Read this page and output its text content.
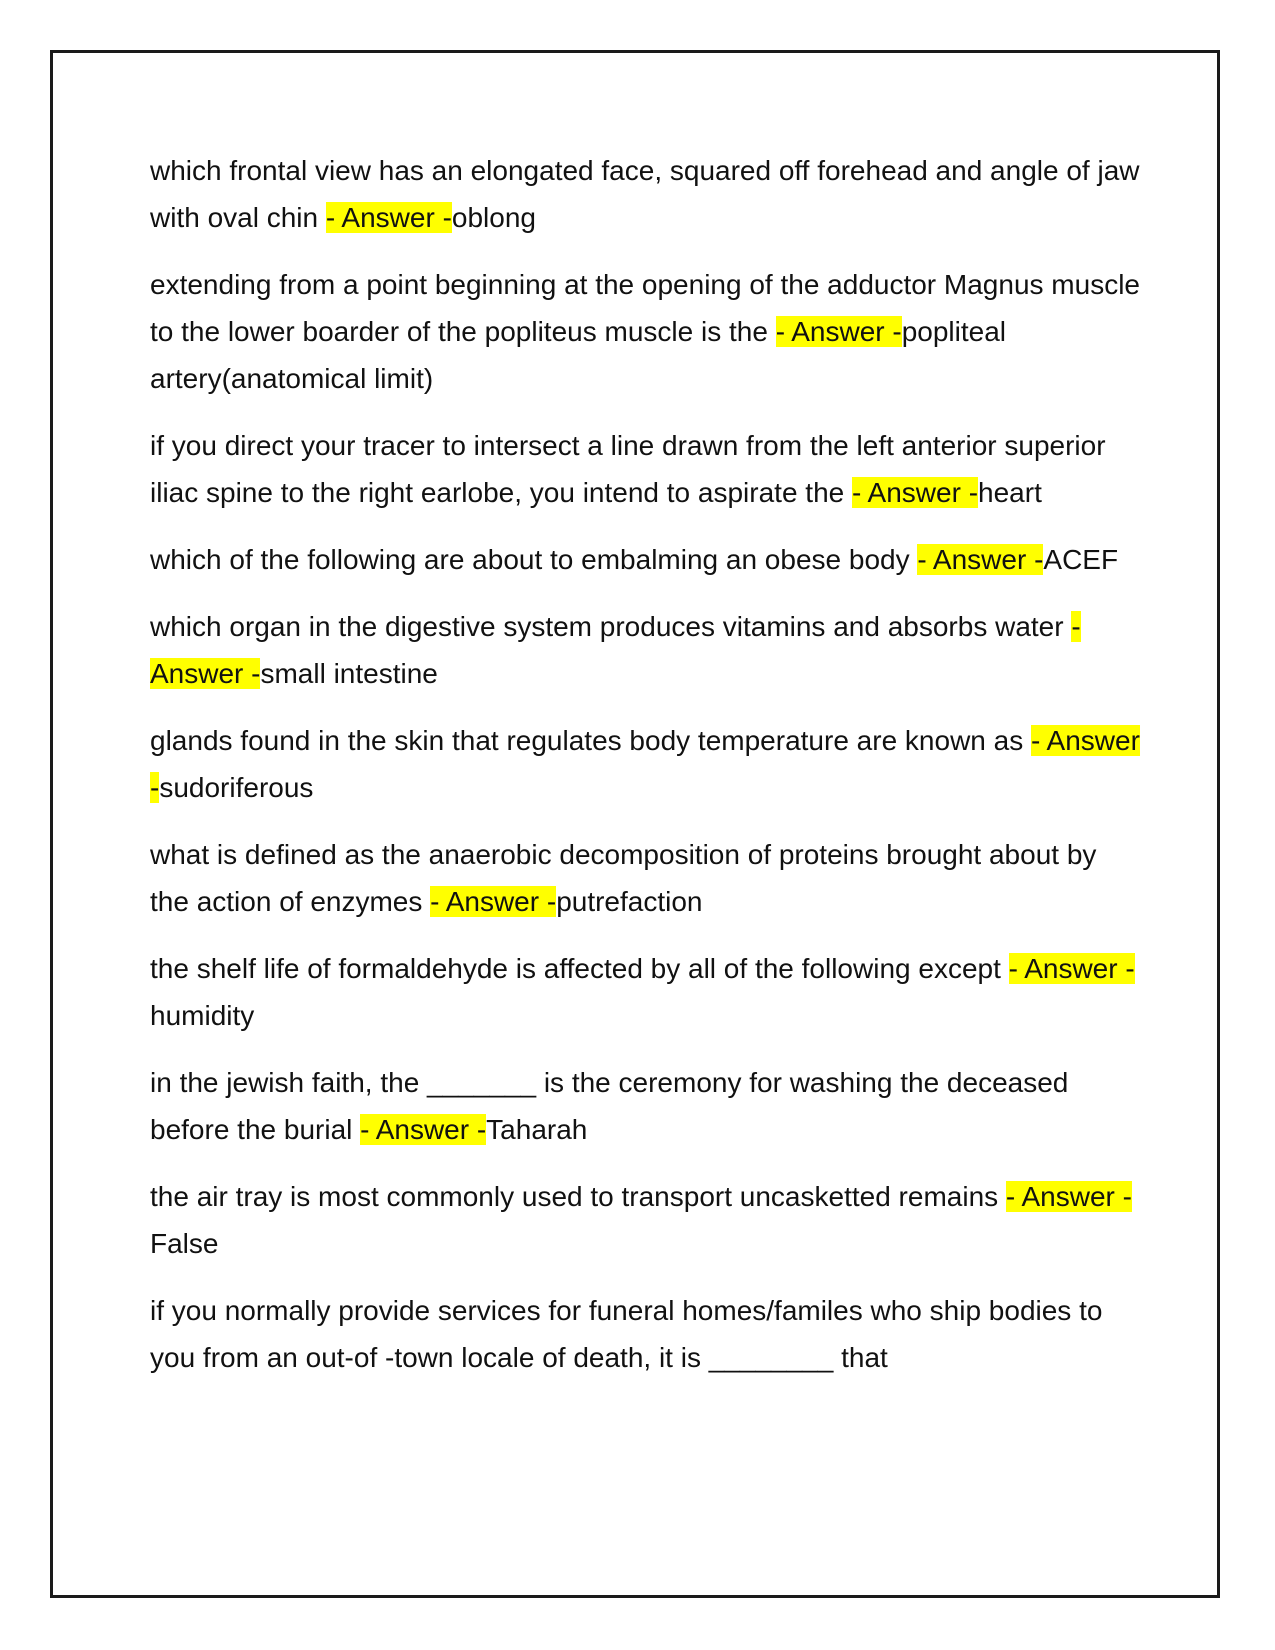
which frontal view has an elongated face, squared off forehead and angle of jaw with oval chin - Answer -oblong

extending from a point beginning at the opening of the adductor Magnus muscle to the lower boarder of the popliteus muscle is the - Answer -popliteal artery(anatomical limit)

if you direct your tracer to intersect a line drawn from the left anterior superior iliac spine to the right earlobe, you intend to aspirate the - Answer -heart

which of the following are about to embalming an obese body - Answer -ACEF

which organ in the digestive system produces vitamins and absorbs water - Answer -small intestine

glands found in the skin that regulates body temperature are known as - Answer -sudoriferous

what is defined as the anaerobic decomposition of proteins brought about by the action of enzymes - Answer -putrefaction

the shelf life of formaldehyde is affected by all of the following except - Answer -humidity

in the jewish faith, the _______ is the ceremony for washing the deceased before the burial - Answer -Taharah

the air tray is most commonly used to transport uncasketted remains - Answer -False

if you normally provide services for funeral homes/familes who ship bodies to you from an out-of -town locale of death, it is ________ that
